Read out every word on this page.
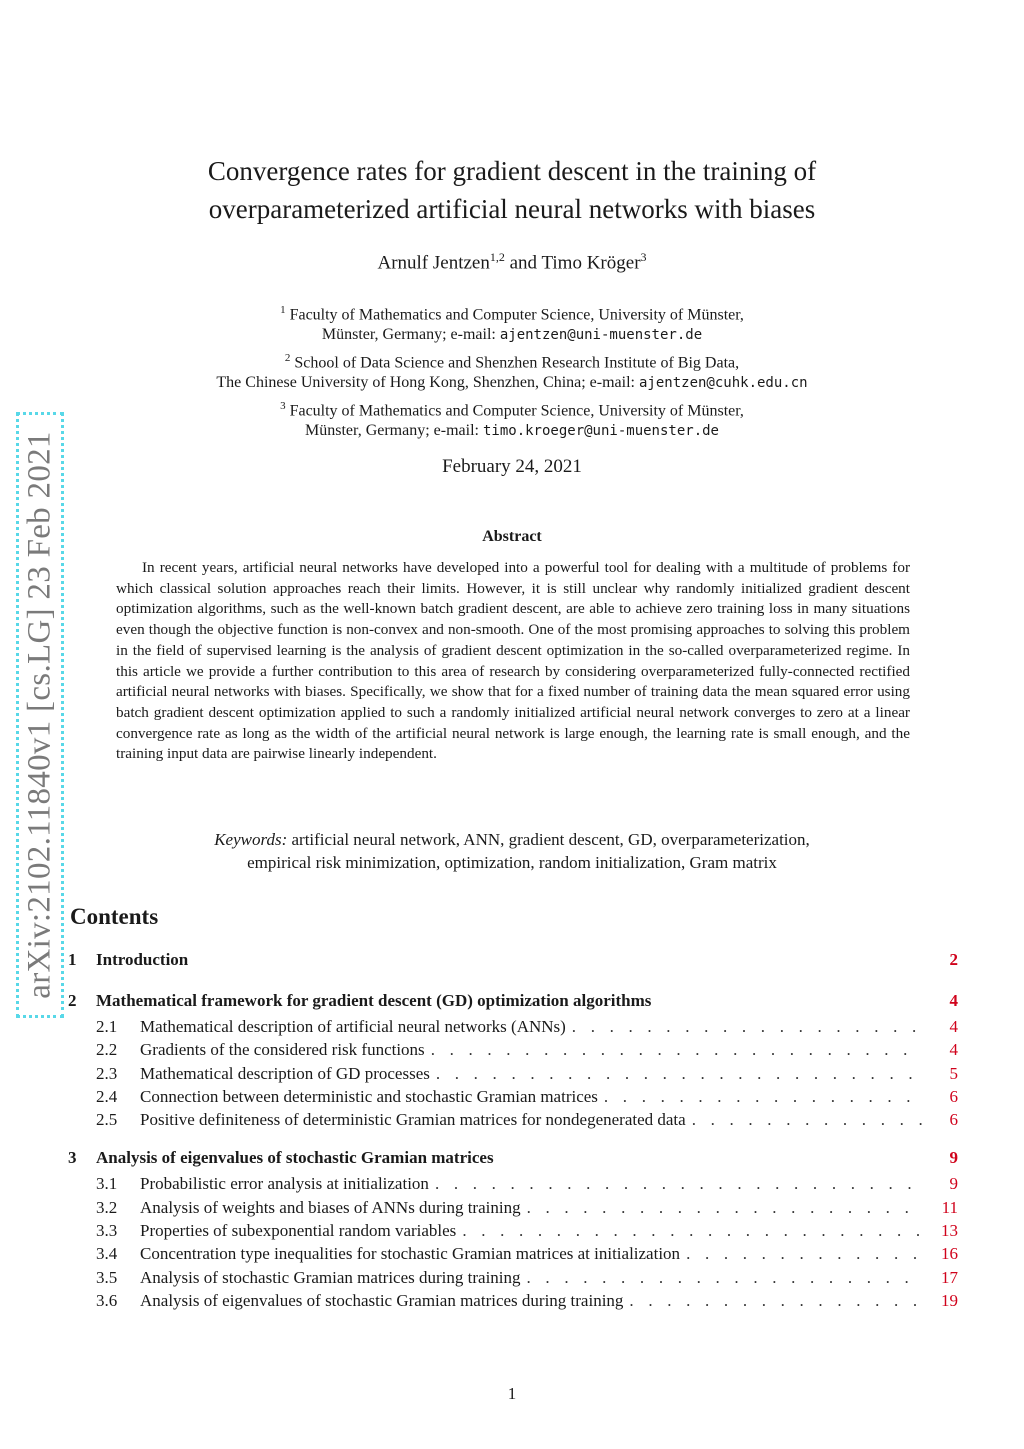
Convergence rates for gradient descent in the training of
overparameterized artificial neural networks with biases
Arnulf Jentzen$^{1,2}$ and Timo Kröger$^3$
$^1$ Faculty of Mathematics and Computer Science, University of Münster,
Münster, Germany; e-mail: ajentzen@uni-muenster.de
$^2$ School of Data Science and Shenzhen Research Institute of Big Data,
The Chinese University of Hong Kong, Shenzhen, China; e-mail: ajentzen@cuhk.edu.cn
$^3$ Faculty of Mathematics and Computer Science, University of Münster,
Münster, Germany; e-mail: timo.kroeger@uni-muenster.de
February 24, 2021
Abstract

In recent years, artificial neural networks have developed into a powerful tool for dealing with a multitude of problems for which classical solution approaches reach their limits. However, it is still unclear why randomly initialized gradient descent optimization algorithms, such as the well-known batch gradient descent, are able to achieve zero training loss in many situations even though the objective function is non-convex and non-smooth. One of the most promising approaches to solving this problem in the field of supervised learning is the analysis of gradient descent optimization in the so-called overparameterized regime. In this article we provide a further contribution to this area of research by considering overparameterized fully-connected rectified artificial neural networks with biases. Specifically, we show that for a fixed number of training data the mean squared error using batch gradient descent optimization applied to such a randomly initialized artificial neural network converges to zero at a linear convergence rate as long as the width of the artificial neural network is large enough, the learning rate is small enough, and the training input data are pairwise linearly independent.

Keywords: artificial neural network, ANN, gradient descent, GD, overparameterization,
empirical risk minimization, optimization, random initialization, Gram matrix
Contents
1	Introduction	2
2	Mathematical framework for gradient descent (GD) optimization algorithms	4
2.1	Mathematical description of artificial neural networks (ANNs) . . .	4
2.2	Gradients of the considered risk functions . . .	4
2.3	Mathematical description of GD processes . . .	5
2.4	Connection between deterministic and stochastic Gramian matrices . . .	6
2.5	Positive definiteness of deterministic Gramian matrices for nondegenerated data . . .	6
3	Analysis of eigenvalues of stochastic Gramian matrices	9
3.1	Probabilistic error analysis at initialization . . .	9
3.2	Analysis of weights and biases of ANNs during training . . .	11
3.3	Properties of subexponential random variables . . .	13
3.4	Concentration type inequalities for stochastic Gramian matrices at initialization . . .	16
3.5	Analysis of stochastic Gramian matrices during training . . .	17
3.6	Analysis of eigenvalues of stochastic Gramian matrices during training . . .	19
arXiv:2102.11840v1 [cs.LG] 23 Feb 2021
1
